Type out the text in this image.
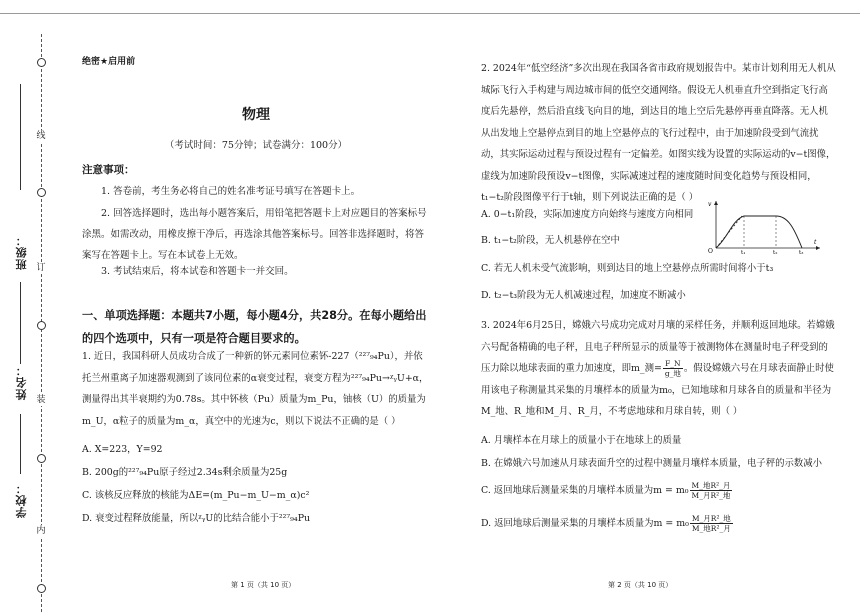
线
订
装
内
班级：
姓名：
学校：
绝密★启用前
物理
（考试时间：75分钟；试卷满分：100分）
注意事项：
1. 答卷前，考生务必将自己的姓名准考证号填写在答题卡上。
2. 回答选择题时，选出每小题答案后，用铅笔把答题卡上对应题目的答案标号涂黑。如需改动，用橡皮擦干净后，再选涂其他答案标号。回答非选择题时，将答案写在答题卡上。写在本试卷上无效。
3. 考试结束后，将本试卷和答题卡一并交回。
一、单项选择题：本题共7小题，每小题4分，共28分。在每小题给出的四个选项中，只有一项是符合题目要求的。
1. 近日，我国科研人员成功合成了一种新的钚元素同位素钚-227（²²⁷₉₄Pu），并依托兰州重离子加速器观测到了该同位素的α衰变过程，衰变方程为²²⁷₉₄Pu→ᵡᵧU+α，测量得出其半衰期约为0.78s。其中钚核（Pu）质量为m_Pu，铀核（U）的质量为m_U，α粒子的质量为m_α，真空中的光速为c，则以下说法不正确的是（ ）
A. X=223，Y=92
B. 200g的²²⁷₉₄Pu原子经过2.34s剩余质量为25g
C. 该核反应释放的核能为ΔE=(m_Pu−m_U−m_α)c²
D. 衰变过程释放能量，所以ᵡᵧU的比结合能小于²²⁷₉₄Pu
第 1 页（共 10 页）
2. 2024年“低空经济”多次出现在我国各省市政府规划报告中。某市计划利用无人机从城际飞行入手构建与周边城市间的低空交通网络。假设无人机垂直升空到指定飞行高度后先悬停，然后沿直线飞向目的地，到达目的地上空后先悬停再垂直降落。无人机从出发地上空悬停点到目的地上空悬停点的飞行过程中，由于加速阶段受到气流扰动，其实际运动过程与预设过程有一定偏差。如图实线为设置的实际运动的v−t图像，虚线为加速阶段预设v−t图像，实际减速过程的速度随时间变化趋势与预设相同，t₁−t₂阶段图像平行于t轴，则下列说法正确的是（ ）
A. 0−t₁阶段，实际加速度方向始终与速度方向相同
B. t₁−t₂阶段，无人机悬停在空中
C. 若无人机未受气流影响，则到达目的地上空悬停点所需时间将小于t₃
D. t₂−t₃阶段为无人机减速过程，加速度不断减小
v
t
O	t₁	t₂	t₃
3. 2024年6月25日，嫦娥六号成功完成对月壤的采样任务，并顺利返回地球。若嫦娥六号配备精确的电子秤，且电子秤所显示的质量等于被测物体在测量时电子秤受到的压力除以地球表面的重力加速度，即m_测= $\frac{F\_N}{\text{g\_地}}$ 。假设嫦娥六号在月球表面静止时使用该电子称测量其采集的月壤样本的质量为m₀，已知地球和月球各自的质量和半径为M_地、R_地和M_月、R_月，不考虑地球和月球自转，则（ ）
A. 月壤样本在月球上的质量小于在地球上的质量
B. 在嫦娥六号加速从月球表面升空的过程中测量月壤样本质量，电子秤的示数减小
C. 返回地球后测量采集的月壤样本质量为$m = m_0 \frac{\text{M\_地R²\_月}}{\text{M\_月R²\_地}}$
D. 返回地球后测量采集的月壤样本质量为$m = m_0 \frac{\text{M\_月R²\_地}}{\text{M\_地R²\_月}}$
第 2 页（共 10 页）
